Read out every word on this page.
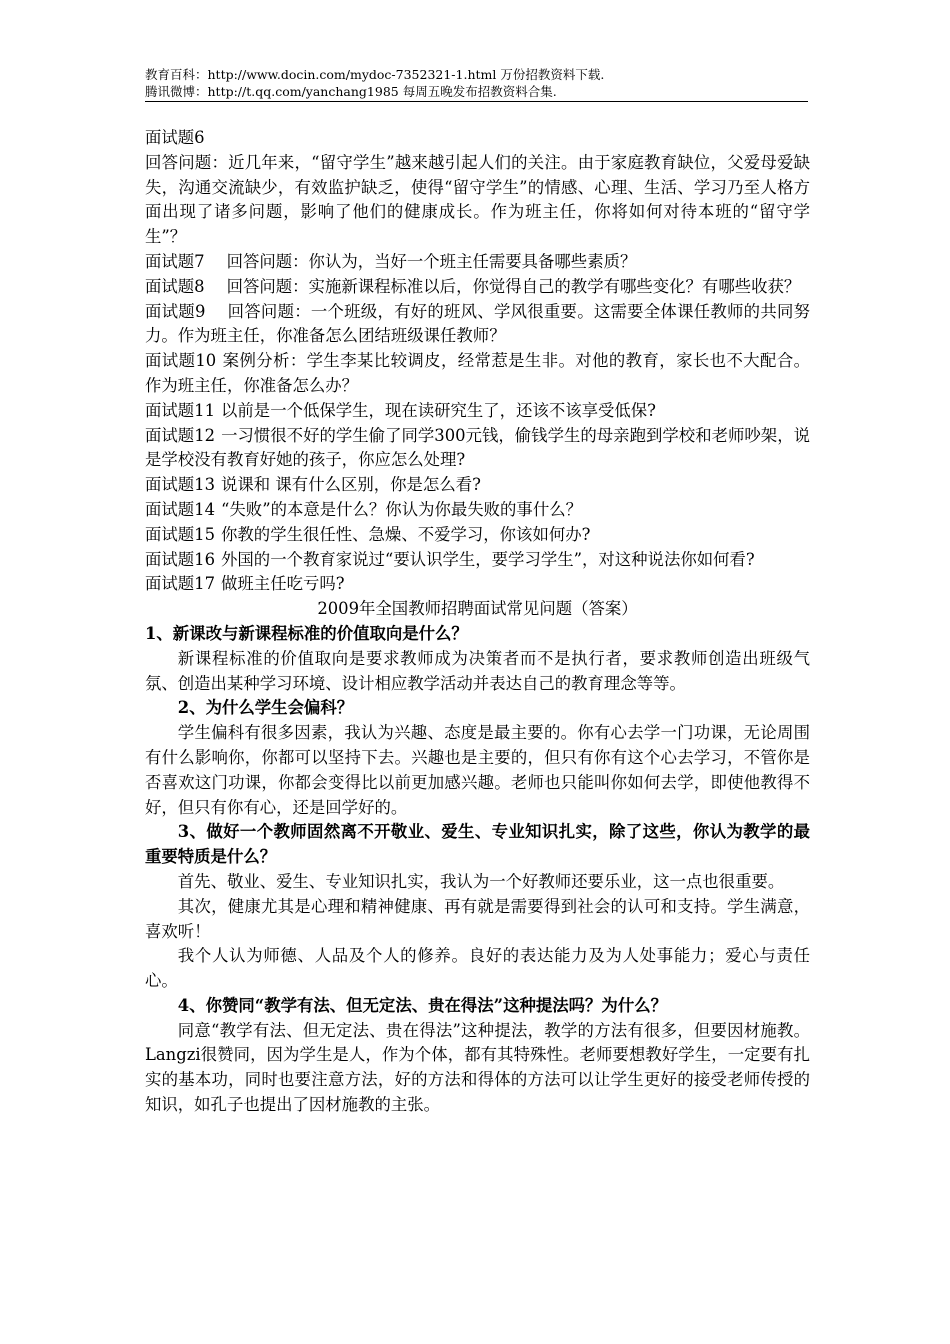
教育百科：http://www.docin.com/mydoc-7352321-1.html 万份招教资料下载.
腾讯微博：http://t.qq.com/yanchang1985 每周五晚发布招教资料合集.

面试题6

回答问题：近几年来，“留守学生”越来越引起人们的关注。由于家庭教育缺位，父爱母爱缺失，沟通交流缺少，有效监护缺乏，使得“留守学生”的情感、心理、生活、学习乃至人格方面出现了诸多问题，影响了他们的健康成长。作为班主任，你将如何对待本班的“留守学生”？

面试题7 回答问题：你认为，当好一个班主任需要具备哪些素质？

面试题8 回答问题：实施新课程标准以后，你觉得自己的教学有哪些变化？有哪些收获？

面试题9 回答问题：一个班级，有好的班风、学风很重要。这需要全体课任教师的共同努力。作为班主任，你准备怎么团结班级课任教师？

面试题10 案例分析：学生李某比较调皮，经常惹是生非。对他的教育，家长也不大配合。作为班主任，你准备怎么办？

面试题11 以前是一个低保学生，现在读研究生了，还该不该享受低保?

面试题12 一习惯很不好的学生偷了同学300元钱，偷钱学生的母亲跑到学校和老师吵架，说是学校没有教育好她的孩子，你应怎么处理?

面试题13 说课和 课有什么区别，你是怎么看?

面试题14 “失败”的本意是什么？你认为你最失败的事什么？

面试题15 你教的学生很任性、急燥、不爱学习，你该如何办?

面试题16 外国的一个教育家说过“要认识学生，要学习学生”，对这种说法你如何看?

面试题17 做班主任吃亏吗?

2009年全国教师招聘面试常见问题（答案）

1、新课改与新课程标准的价值取向是什么？

新课程标准的价值取向是要求教师成为决策者而不是执行者，要求教师创造出班级气氛、创造出某种学习环境、设计相应教学活动并表达自己的教育理念等等。

2、为什么学生会偏科？

学生偏科有很多因素，我认为兴趣、态度是最主要的。你有心去学一门功课，无论周围有什么影响你，你都可以坚持下去。兴趣也是主要的，但只有你有这个心去学习，不管你是否喜欢这门功课，你都会变得比以前更加感兴趣。老师也只能叫你如何去学，即使他教得不好，但只有你有心，还是回学好的。

3、做好一个教师固然离不开敬业、爱生、专业知识扎实，除了这些，你认为教学的最重要特质是什么？

首先、敬业、爱生、专业知识扎实，我认为一个好教师还要乐业，这一点也很重要。

其次，健康尤其是心理和精神健康、再有就是需要得到社会的认可和支持。学生满意，喜欢听！

我个人认为师德、人品及个人的修养。良好的表达能力及为人处事能力；爱心与责任心。

4、你赞同“教学有法、但无定法、贵在得法”这种提法吗？为什么？

同意“教学有法、但无定法、贵在得法”这种提法，教学的方法有很多，但要因材施教。Langzi很赞同，因为学生是人，作为个体，都有其特殊性。老师要想教好学生，一定要有扎实的基本功，同时也要注意方法，好的方法和得体的方法可以让学生更好的接受老师传授的知识，如孔子也提出了因材施教的主张。
